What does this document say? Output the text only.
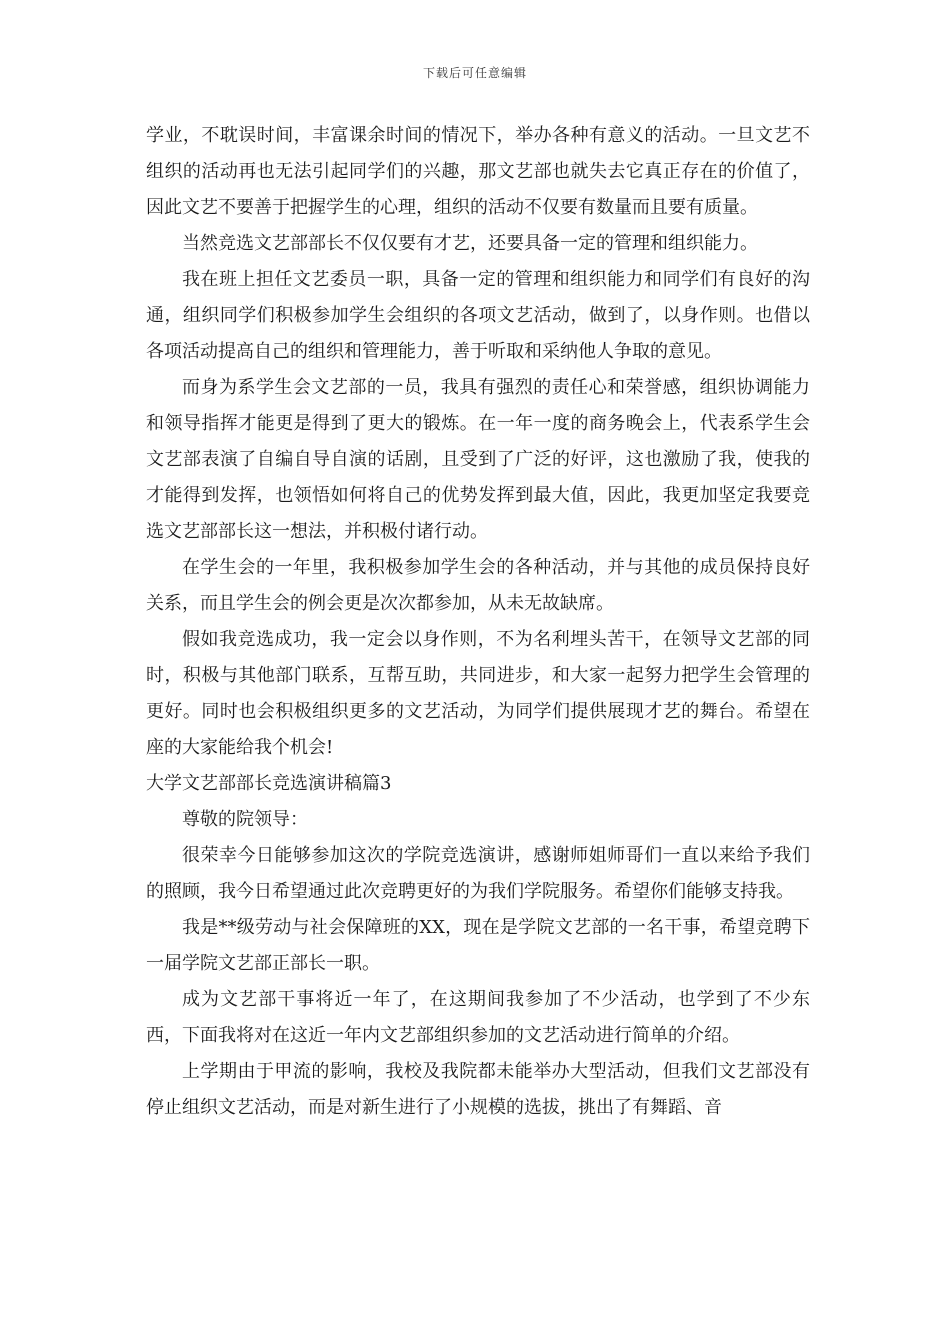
下载后可任意编辑

学业，不耽误时间，丰富课余时间的情况下，举办各种有意义的活动。一旦文艺不组织的活动再也无法引起同学们的兴趣，那文艺部也就失去它真正存在的价值了，因此文艺不要善于把握学生的心理，组织的活动不仅要有数量而且要有质量。

当然竞选文艺部部长不仅仅要有才艺，还要具备一定的管理和组织能力。

我在班上担任文艺委员一职，具备一定的管理和组织能力和同学们有良好的沟通，组织同学们积极参加学生会组织的各项文艺活动，做到了，以身作则。也借以各项活动提高自己的组织和管理能力，善于听取和采纳他人争取的意见。

而身为系学生会文艺部的一员，我具有强烈的责任心和荣誉感，组织协调能力和领导指挥才能更是得到了更大的锻炼。在一年一度的商务晚会上，代表系学生会文艺部表演了自编自导自演的话剧，且受到了广泛的好评，这也激励了我，使我的才能得到发挥，也领悟如何将自己的优势发挥到最大值，因此，我更加坚定我要竞选文艺部部长这一想法，并积极付诸行动。

在学生会的一年里，我积极参加学生会的各种活动，并与其他的成员保持良好关系，而且学生会的例会更是次次都参加，从未无故缺席。

假如我竞选成功，我一定会以身作则，不为名利埋头苦干，在领导文艺部的同时，积极与其他部门联系，互帮互助，共同进步，和大家一起努力把学生会管理的更好。同时也会积极组织更多的文艺活动，为同学们提供展现才艺的舞台。希望在座的大家能给我个机会!

大学文艺部部长竞选演讲稿篇3

尊敬的院领导：

很荣幸今日能够参加这次的学院竞选演讲，感谢师姐师哥们一直以来给予我们的照顾，我今日希望通过此次竞聘更好的为我们学院服务。希望你们能够支持我。

我是**级劳动与社会保障班的XX，现在是学院文艺部的一名干事，希望竞聘下一届学院文艺部正部长一职。

成为文艺部干事将近一年了，在这期间我参加了不少活动，也学到了不少东西，下面我将对在这近一年内文艺部组织参加的文艺活动进行简单的介绍。

上学期由于甲流的影响，我校及我院都未能举办大型活动，但我们文艺部没有停止组织文艺活动，而是对新生进行了小规模的选拔，挑出了有舞蹈、音
